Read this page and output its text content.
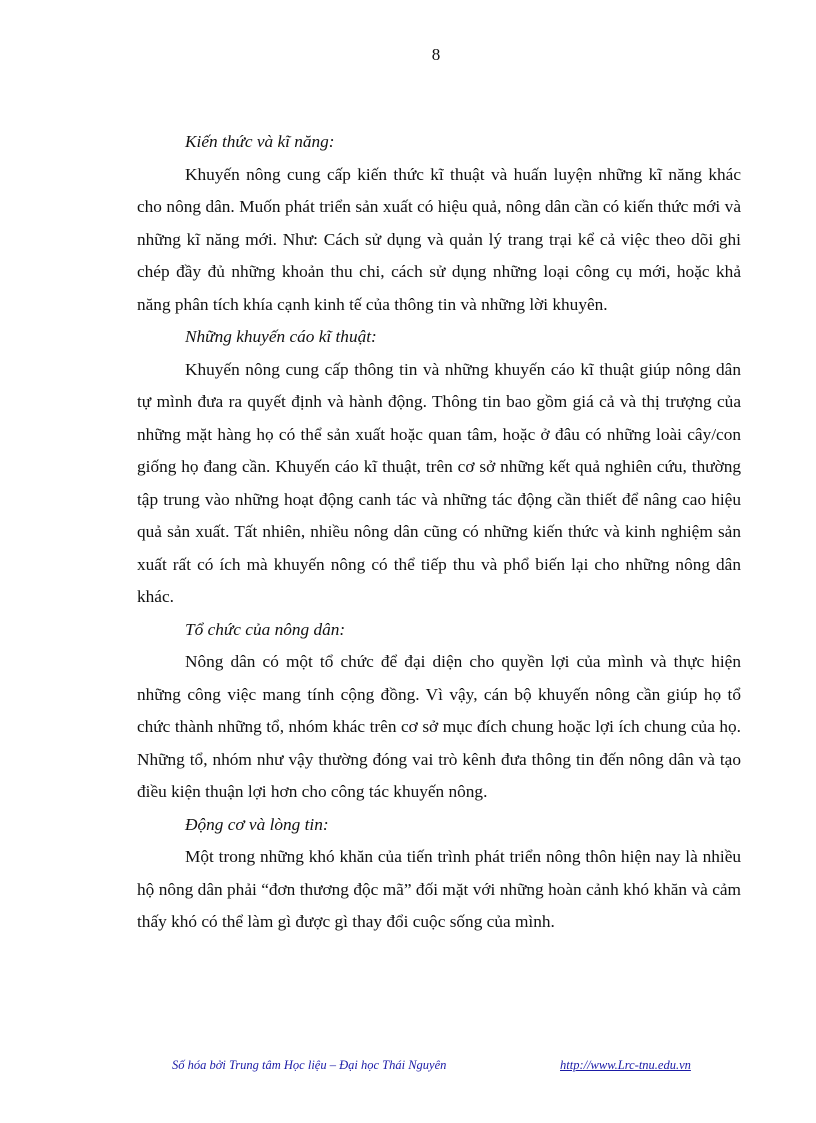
8

Kiến thức và kĩ năng:

Khuyến nông cung cấp kiến thức kĩ thuật và huấn luyện những kĩ năng khác cho nông dân. Muốn phát triển sản xuất có hiệu quả, nông dân cần có kiến thức mới và những kĩ năng mới. Như: Cách sử dụng và quản lý trang trại kể cả việc theo dõi ghi chép đầy đủ những khoản thu chi, cách sử dụng những loại công cụ mới, hoặc khả năng phân tích khía cạnh kinh tế của thông tin và những lời khuyên.

Những khuyến cáo kĩ thuật:

Khuyến nông cung cấp thông tin và những khuyến cáo kĩ thuật giúp nông dân tự mình đưa ra quyết định và hành động. Thông tin bao gồm giá cả và thị trượng của những mặt hàng họ có thể sản xuất hoặc quan tâm, hoặc ở đâu có những loài cây/con giống họ đang cần. Khuyến cáo kĩ thuật, trên cơ sở những kết quả nghiên cứu, thường tập trung vào những hoạt động canh tác và những tác động cần thiết để nâng cao hiệu quả sản xuất. Tất nhiên, nhiều nông dân cũng có những kiến thức và kinh nghiệm sản xuất rất có ích mà khuyến nông có thể tiếp thu và phổ biến lại cho những nông dân khác.

Tổ chức của nông dân:

Nông dân có một tổ chức để đại diện cho quyền lợi của mình và thực hiện những công việc mang tính cộng đồng. Vì vậy, cán bộ khuyến nông cần giúp họ tổ chức thành những tổ, nhóm khác trên cơ sở mục đích chung hoặc lợi ích chung của họ. Những tổ, nhóm như vậy thường đóng vai trò kênh đưa thông tin đến nông dân và tạo điều kiện thuận lợi hơn cho công tác khuyến nông.

Động cơ và lòng tin:

Một trong những khó khăn của tiến trình phát triển nông thôn hiện nay là nhiều hộ nông dân phải “đơn thương độc mã” đối mặt với những hoàn cảnh khó khăn và cảm thấy khó có thể làm gì được gì thay đổi cuộc sống của mình.

Số hóa bởi Trung tâm Học liệu – Đại học Thái Nguyên	http://www.Lrc-tnu.edu.vn
